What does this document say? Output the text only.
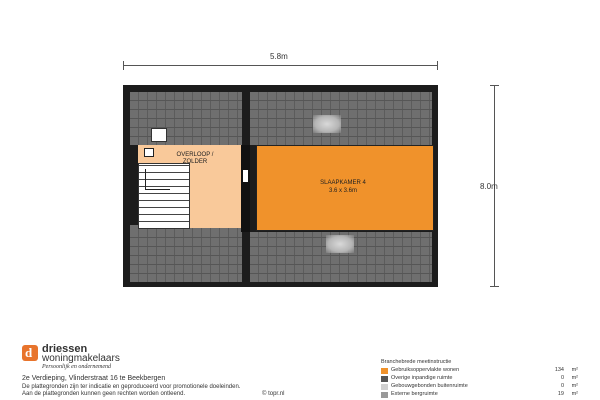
5.8m
8.0m
OVERLOOP / ZOLDER
SLAAPKAMER 4
3.6 x 3.6m
d driessen
woningmakelaars
Persoonlijk en ondernemend
2e Verdieping, Vlinderstraat 16 te Beekbergen
De plattegronden zijn ter indicatie en geproduceerd voor promotionele doeleinden.
Aan de plattegronden kunnen geen rechten worden ontleend.	© topr.nl
Branchebrede meetinstructie
Gebruiksoppervlakte wonen	134 m²
Overige inpandige ruimte	0 m²
Gebouwgebonden buitenruimte	0 m²
Externe bergruimte	19 m²
